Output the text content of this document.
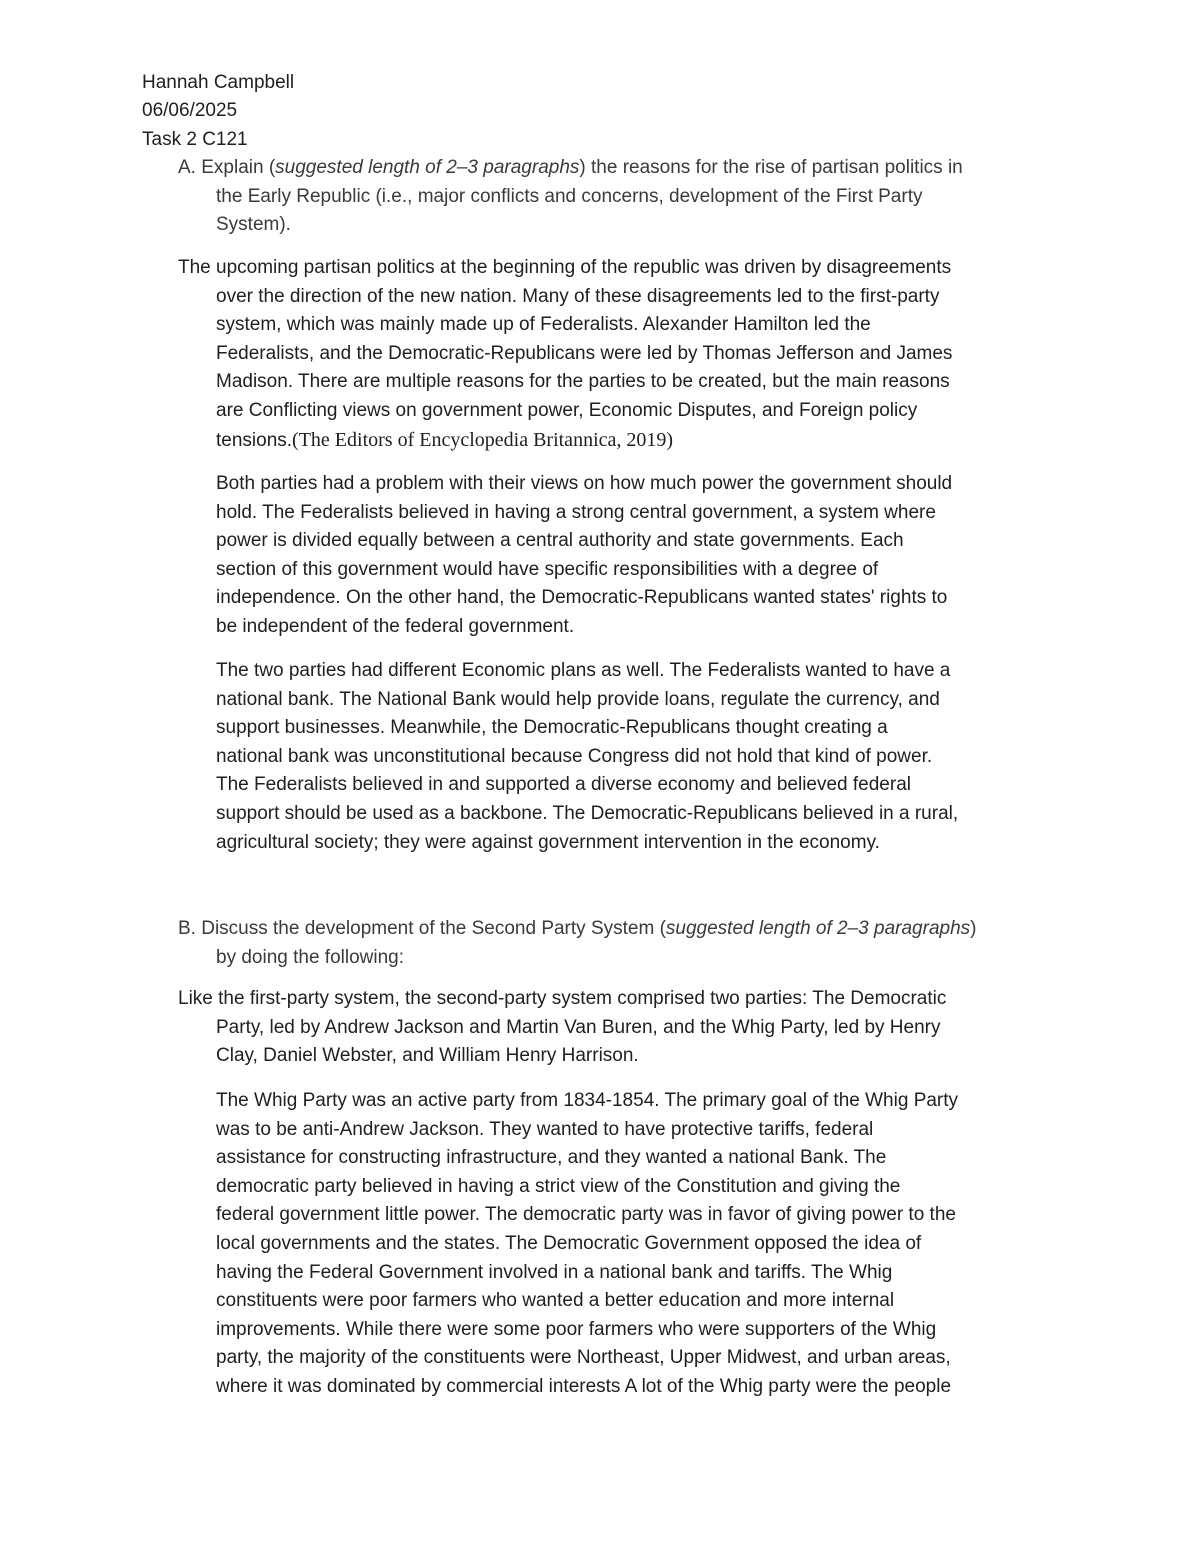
Hannah Campbell
06/06/2025
Task 2 C121
A. Explain (suggested length of 2–3 paragraphs) the reasons for the rise of partisan politics in
the Early Republic (i.e., major conflicts and concerns, development of the First Party
System).
The upcoming partisan politics at the beginning of the republic was driven by disagreements
over the direction of the new nation. Many of these disagreements led to the first-party
system, which was mainly made up of Federalists. Alexander Hamilton led the
Federalists, and the Democratic-Republicans were led by Thomas Jefferson and James
Madison. There are multiple reasons for the parties to be created, but the main reasons
are Conflicting views on government power, Economic Disputes, and Foreign policy
tensions.(The Editors of Encyclopedia Britannica, 2019)
Both parties had a problem with their views on how much power the government should
hold. The Federalists believed in having a strong central government, a system where
power is divided equally between a central authority and state governments. Each
section of this government would have specific responsibilities with a degree of
independence. On the other hand, the Democratic-Republicans wanted states' rights to
be independent of the federal government.
The two parties had different Economic plans as well. The Federalists wanted to have a
national bank. The National Bank would help provide loans, regulate the currency, and
support businesses. Meanwhile, the Democratic-Republicans thought creating a
national bank was unconstitutional because Congress did not hold that kind of power.
The Federalists believed in and supported a diverse economy and believed federal
support should be used as a backbone. The Democratic-Republicans believed in a rural,
agricultural society; they were against government intervention in the economy.
B. Discuss the development of the Second Party System (suggested length of 2–3 paragraphs)
by doing the following:
Like the first-party system, the second-party system comprised two parties: The Democratic
Party, led by Andrew Jackson and Martin Van Buren, and the Whig Party, led by Henry
Clay, Daniel Webster, and William Henry Harrison.
The Whig Party was an active party from 1834-1854. The primary goal of the Whig Party
was to be anti-Andrew Jackson. They wanted to have protective tariffs, federal
assistance for constructing infrastructure, and they wanted a national Bank. The
democratic party believed in having a strict view of the Constitution and giving the
federal government little power. The democratic party was in favor of giving power to the
local governments and the states. The Democratic Government opposed the idea of
having the Federal Government involved in a national bank and tariffs. The Whig
constituents were poor farmers who wanted a better education and more internal
improvements. While there were some poor farmers who were supporters of the Whig
party, the majority of the constituents were Northeast, Upper Midwest, and urban areas,
where it was dominated by commercial interests A lot of the Whig party were the people
